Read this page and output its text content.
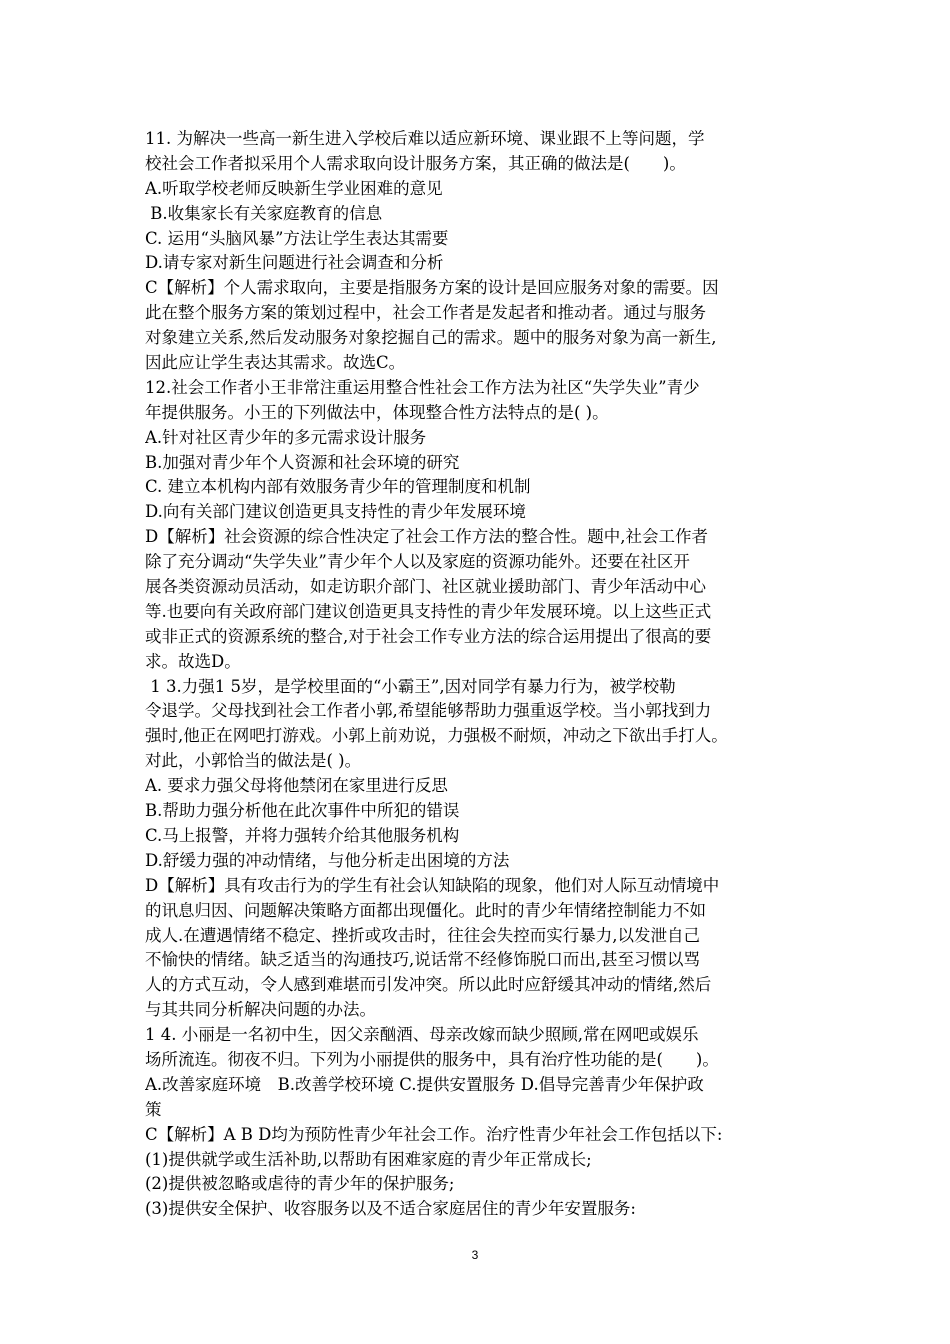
11. 为解决一些高一新生进入学校后难以适应新环境、课业跟不上等问题，学
校社会工作者拟采用个人需求取向设计服务方案，其正确的做法是(　　)。
A.听取学校老师反映新生学业困难的意见
B.收集家长有关家庭教育的信息
C. 运用“头脑风暴”方法让学生表达其需要
D.请专家对新生问题进行社会调查和分析
C【解析】个人需求取向，主要是指服务方案的设计是回应服务对象的需要。因
此在整个服务方案的策划过程中，社会工作者是发起者和推动者。通过与服务
对象建立关系,然后发动服务对象挖掘自己的需求。题中的服务对象为高一新生,
因此应让学生表达其需求。故选C。
12.社会工作者小王非常注重运用整合性社会工作方法为社区“失学失业”青少
年提供服务。小王的下列做法中，体现整合性方法特点的是( )。
A.针对社区青少年的多元需求设计服务
B.加强对青少年个人资源和社会环境的研究
C. 建立本机构内部有效服务青少年的管理制度和机制
D.向有关部门建议创造更具支持性的青少年发展环境
D【解析】社会资源的综合性决定了社会工作方法的整合性。题中,社会工作者
除了充分调动“失学失业”青少年个人以及家庭的资源功能外。还要在社区开
展各类资源动员活动，如走访职介部门、社区就业援助部门、青少年活动中心
等.也要向有关政府部门建议创造更具支持性的青少年发展环境。以上这些正式
或非正式的资源系统的整合,对于社会工作专业方法的综合运用提出了很高的要
求。故选D。
1 3.力强1 5岁，是学校里面的“小霸王”,因对同学有暴力行为，被学校勒
令退学。父母找到社会工作者小郭,希望能够帮助力强重返学校。当小郭找到力
强时,他正在网吧打游戏。小郭上前劝说，力强极不耐烦，冲动之下欲出手打人。
对此，小郭恰当的做法是( )。
A. 要求力强父母将他禁闭在家里进行反思
B.帮助力强分析他在此次事件中所犯的错误
C.马上报警，并将力强转介给其他服务机构
D.舒缓力强的冲动情绪，与他分析走出困境的方法
D【解析】具有攻击行为的学生有社会认知缺陷的现象，他们对人际互动情境中
的讯息归因、问题解决策略方面都出现僵化。此时的青少年情绪控制能力不如
成人.在遭遇情绪不稳定、挫折或攻击时，往往会失控而实行暴力,以发泄自己
不愉快的情绪。缺乏适当的沟通技巧,说话常不经修饰脱口而出,甚至习惯以骂
人的方式互动，令人感到难堪而引发冲突。所以此时应舒缓其冲动的情绪,然后
与其共同分析解决问题的办法。
1 4. 小丽是一名初中生，因父亲酗酒、母亲改嫁而缺少照顾,常在网吧或娱乐
场所流连。彻夜不归。下列为小丽提供的服务中，具有治疗性功能的是(　　)。
A.改善家庭环境　B.改善学校环境 C.提供安置服务 D.倡导完善青少年保护政
策
C【解析】A B D均为预防性青少年社会工作。治疗性青少年社会工作包括以下:
(1)提供就学或生活补助,以帮助有困难家庭的青少年正常成长;
(2)提供被忽略或虐待的青少年的保护服务;
(3)提供安全保护、收容服务以及不适合家庭居住的青少年安置服务:
3
